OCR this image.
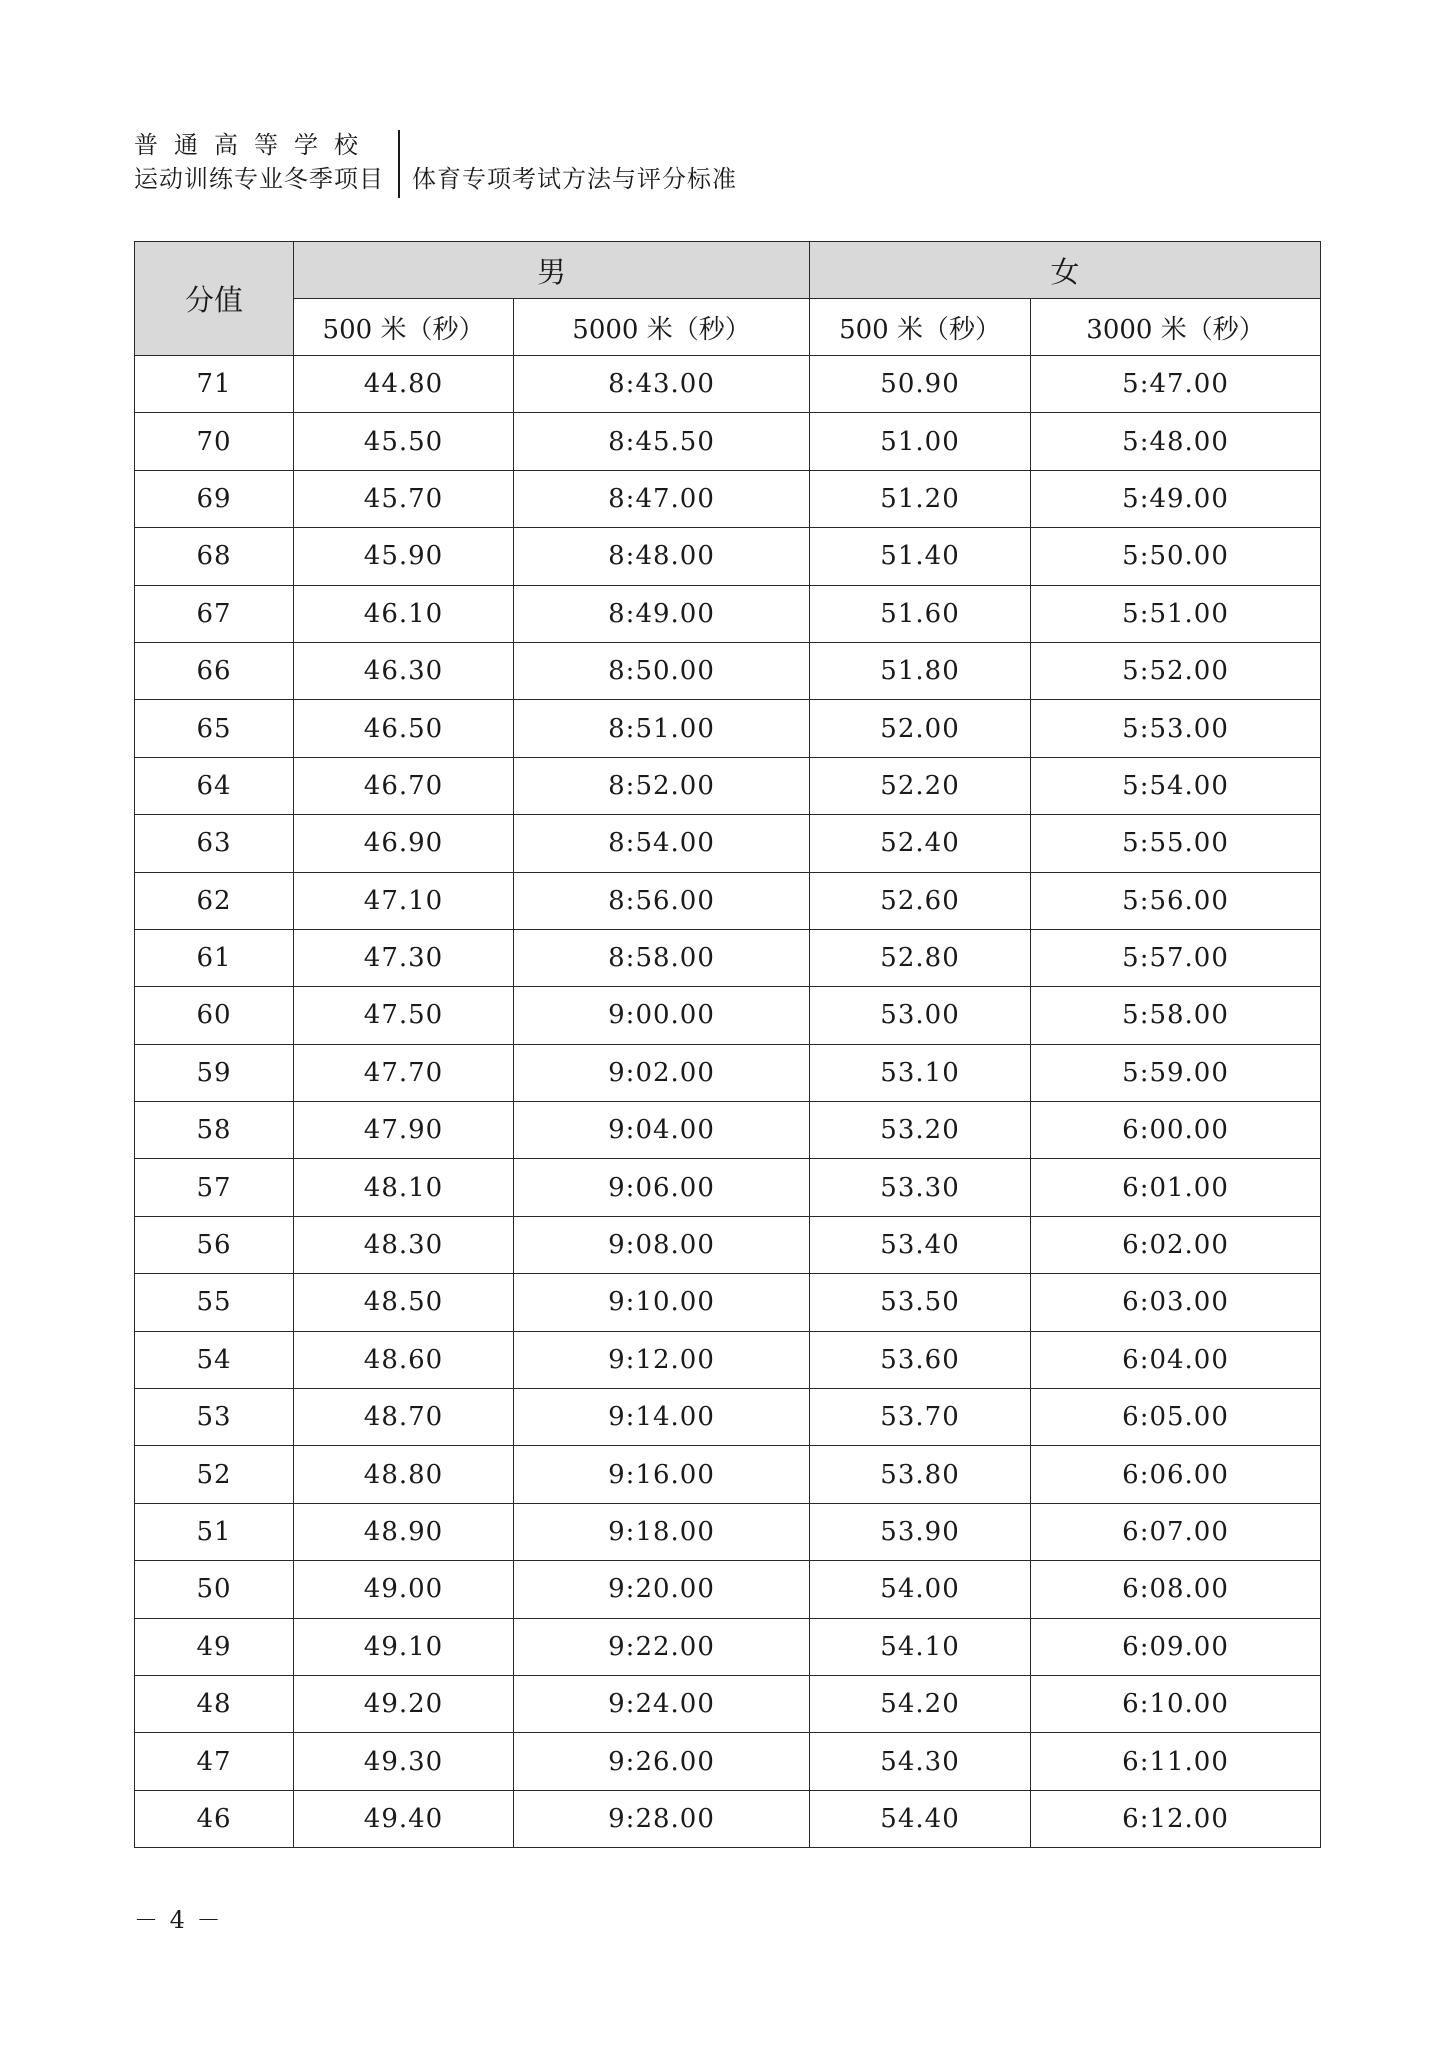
普通高等学校
运动训练专业冬季项目 体育专项考试方法与评分标准
分值	男		女	
	500 米（秒）	5000 米（秒）	500 米（秒）	3000 米（秒）
71	44.80	8:43.00	50.90	5:47.00
70	45.50	8:45.50	51.00	5:48.00
69	45.70	8:47.00	51.20	5:49.00
68	45.90	8:48.00	51.40	5:50.00
67	46.10	8:49.00	51.60	5:51.00
66	46.30	8:50.00	51.80	5:52.00
65	46.50	8:51.00	52.00	5:53.00
64	46.70	8:52.00	52.20	5:54.00
63	46.90	8:54.00	52.40	5:55.00
62	47.10	8:56.00	52.60	5:56.00
61	47.30	8:58.00	52.80	5:57.00
60	47.50	9:00.00	53.00	5:58.00
59	47.70	9:02.00	53.10	5:59.00
58	47.90	9:04.00	53.20	6:00.00
57	48.10	9:06.00	53.30	6:01.00
56	48.30	9:08.00	53.40	6:02.00
55	48.50	9:10.00	53.50	6:03.00
54	48.60	9:12.00	53.60	6:04.00
53	48.70	9:14.00	53.70	6:05.00
52	48.80	9:16.00	53.80	6:06.00
51	48.90	9:18.00	53.90	6:07.00
50	49.00	9:20.00	54.00	6:08.00
49	49.10	9:22.00	54.10	6:09.00
48	49.20	9:24.00	54.20	6:10.00
47	49.30	9:26.00	54.30	6:11.00
46	49.40	9:28.00	54.40	6:12.00
－ 4 －
